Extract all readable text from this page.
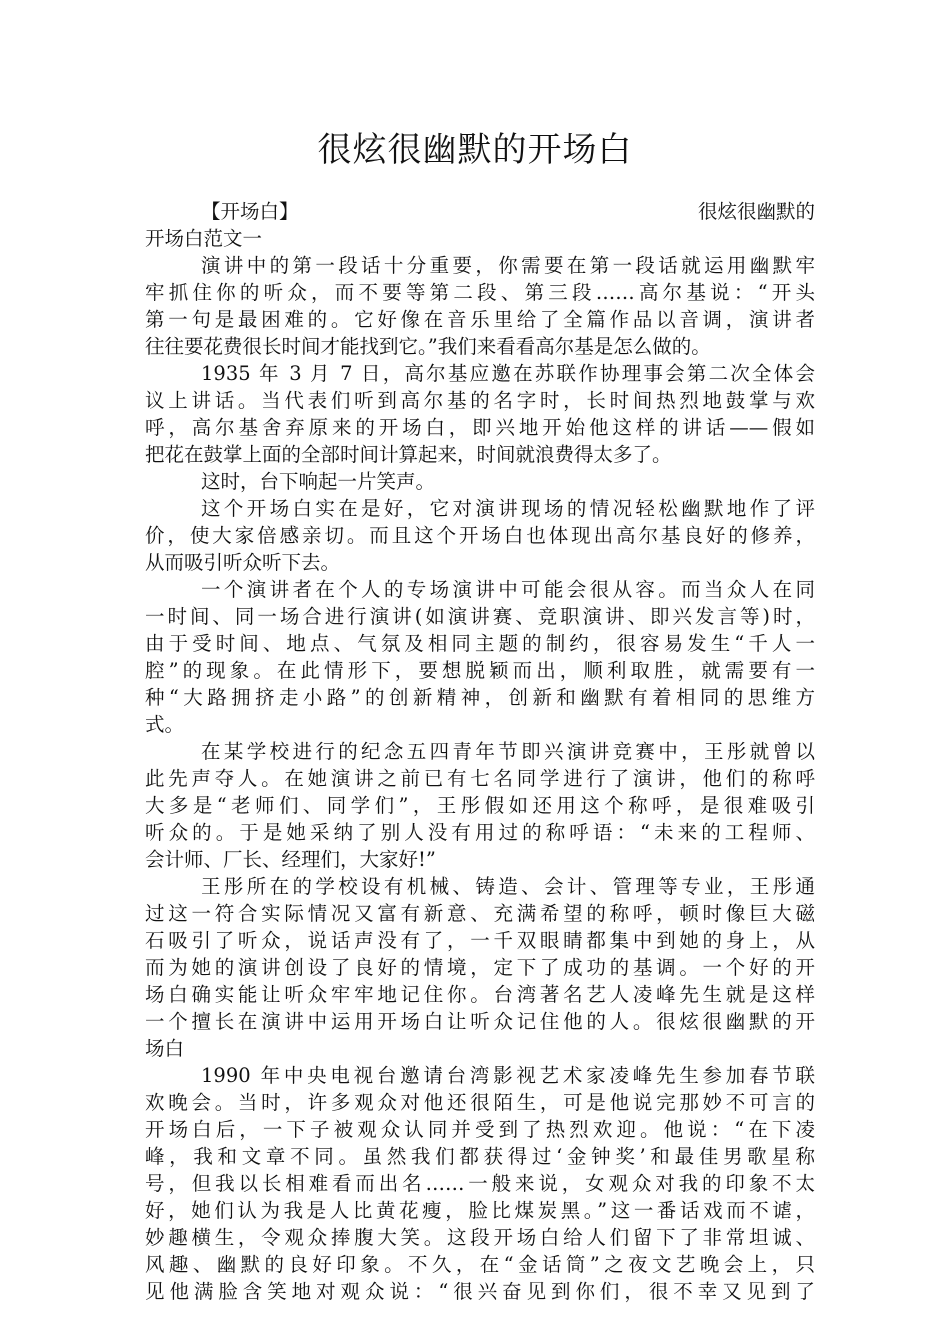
很炫很幽默的开场白
【开场白】	很炫很幽默的
开场白范文一
演讲中的第一段话十分重要，你需要在第一段话就运用幽默牢
牢抓住你的听众，而不要等第二段、第三段……高尔基说：“开头
第一句是最困难的。它好像在音乐里给了全篇作品以音调，演讲者
往往要花费很长时间才能找到它。”我们来看看高尔基是怎么做的。
1935 年 3 月 7 日，高尔基应邀在苏联作协理事会第二次全体会
议上讲话。当代表们听到高尔基的名字时，长时间热烈地鼓掌与欢
呼，高尔基舍弃原来的开场白，即兴地开始他这样的讲话——假如
把花在鼓掌上面的全部时间计算起来，时间就浪费得太多了。
这时，台下响起一片笑声。
这个开场白实在是好，它对演讲现场的情况轻松幽默地作了评
价，使大家倍感亲切。而且这个开场白也体现出高尔基良好的修养，
从而吸引听众听下去。
一个演讲者在个人的专场演讲中可能会很从容。而当众人在同
一时间、同一场合进行演讲(如演讲赛、竞职演讲、即兴发言等)时，
由于受时间、地点、气氛及相同主题的制约，很容易发生“千人一
腔”的现象。在此情形下，要想脱颖而出，顺利取胜，就需要有一
种“大路拥挤走小路”的创新精神，创新和幽默有着相同的思维方
式。
在某学校进行的纪念五四青年节即兴演讲竞赛中，王彤就曾以
此先声夺人。在她演讲之前已有七名同学进行了演讲，他们的称呼
大多是“老师们、同学们”，王彤假如还用这个称呼，是很难吸引
听众的。于是她采纳了别人没有用过的称呼语：“未来的工程师、
会计师、厂长、经理们，大家好!”
王彤所在的学校设有机械、铸造、会计、管理等专业，王彤通
过这一符合实际情况又富有新意、充满希望的称呼，顿时像巨大磁
石吸引了听众，说话声没有了，一千双眼睛都集中到她的身上，从
而为她的演讲创设了良好的情境，定下了成功的基调。一个好的开
场白确实能让听众牢牢地记住你。台湾著名艺人凌峰先生就是这样
一个擅长在演讲中运用开场白让听众记住他的人。很炫很幽默的开
场白
1990 年中央电视台邀请台湾影视艺术家凌峰先生参加春节联
欢晚会。当时，许多观众对他还很陌生，可是他说完那妙不可言的
开场白后，一下子被观众认同并受到了热烈欢迎。他说：“在下凌
峰，我和文章不同。虽然我们都获得过‘金钟奖’和最佳男歌星称
号，但我以长相难看而出名……一般来说，女观众对我的印象不太
好，她们认为我是人比黄花瘦，脸比煤炭黑。”这一番话戏而不谑，
妙趣横生，令观众捧腹大笑。这段开场白给人们留下了非常坦诚、
风趣、幽默的良好印象。不久，在“金话筒”之夜文艺晚会上，只
见他满脸含笑地对观众说：“很兴奋见到你们，很不幸又见到了
